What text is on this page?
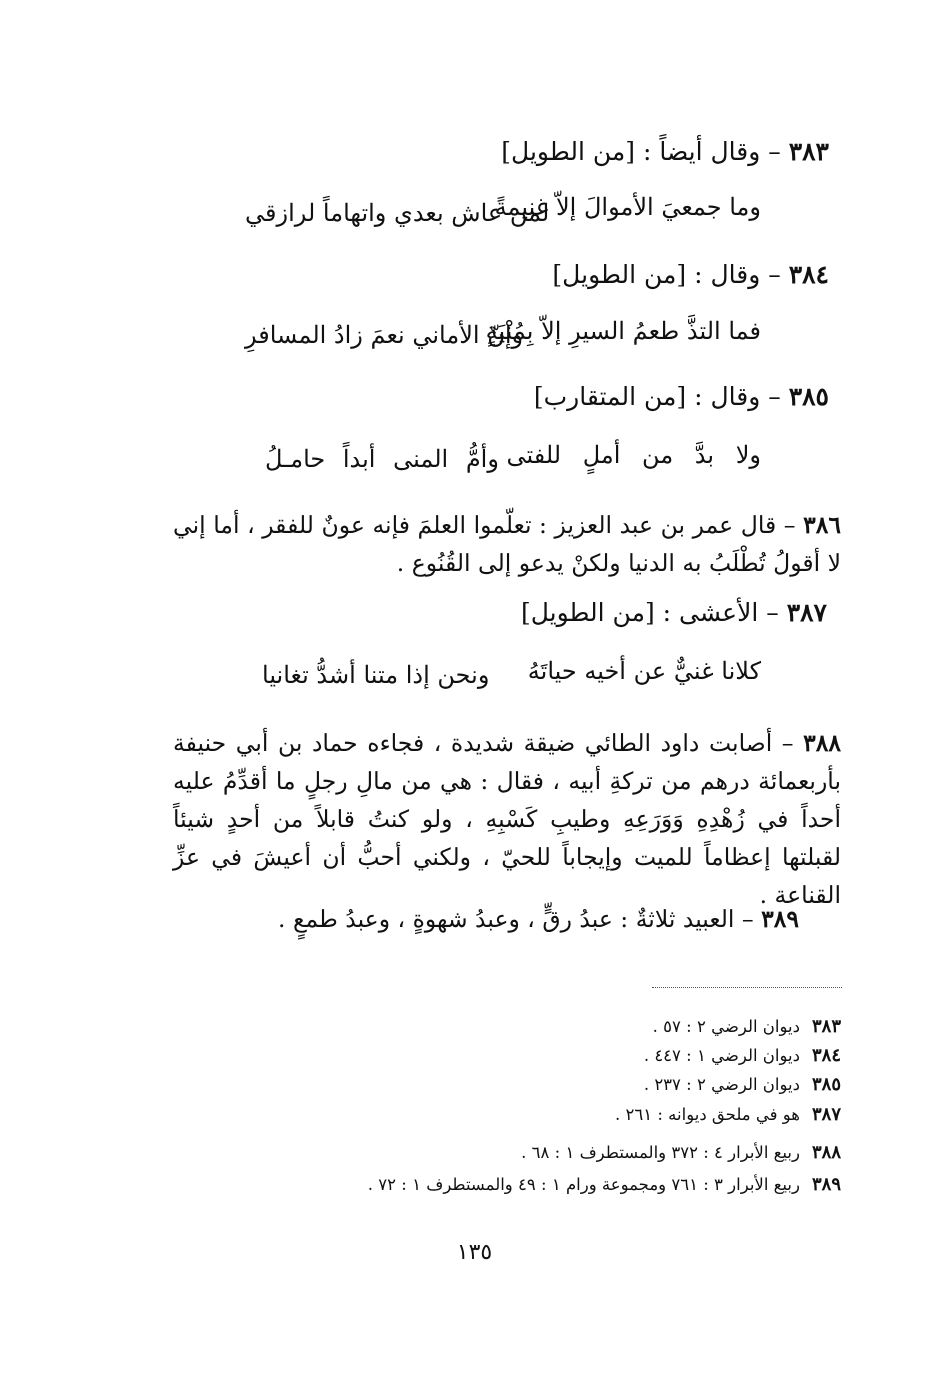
٣٨٣ – وقال أيضاً : [من الطويل]
وما جمعيَ الأموالَ إلاّ غنيمةً
لمن عاش بعدي واتهاماً لرازقي
٣٨٤ – وقال : [من الطويل]
فما التذَّ طعمُ السيرِ إلاّ بِمُنْيَةٍ
وإنّ الأماني نعمَ زادُ المسافرِ
٣٨٥ – وقال : [من المتقارب]
ولا بدَّ من أملٍ للفتى
وأمُّ المنى أبداً حامـلُ
٣٨٦ – قال عمر بن عبد العزيز : تعلّموا العلمَ فإنه عونٌ للفقر ، أما إني لا أقولُ تُطْلَبُ به الدنيا ولكنْ يدعو إلى القُنُوع .
٣٨٧ – الأعشى : [من الطويل]
كلانا غنيٌّ عن أخيه حياتَهُ
ونحن إذا متنا أشدُّ تغانيا
٣٨٨ – أصابت داود الطائي ضيقة شديدة ، فجاءه حماد بن أبي حنيفة بأربعمائة درهم من تركةِ أبيه ، فقال : هي من مالِ رجلٍ ما أقدِّمُ عليه أحداً في زُهْدِهِ وَوَرَعِهِ وطيبِ كَسْبِهِ ، ولو كنتُ قابلاً من أحدٍ شيئاً لقبلتها إعظاماً للميت وإيجاباً للحيّ ، ولكني أحبُّ أن أعيشَ في عزِّ القناعة .
٣٨٩ – العبيد ثلاثةٌ : عبدُ رقٍّ ، وعبدُ شهوةٍ ، وعبدُ طمعٍ .
٣٨٣ديوان الرضي ٢ : ٥٧ .
٣٨٤ديوان الرضي ١ : ٤٤٧ .
٣٨٥ديوان الرضي ٢ : ٢٣٧ .
٣٨٧هو في ملحق ديوانه : ٢٦١ .
٣٨٨ربيع الأبرار ٤ : ٣٧٢ والمستطرف ١ : ٦٨ .
٣٨٩ربيع الأبرار ٣ : ٧٦١ ومجموعة ورام ١ : ٤٩ والمستطرف ١ : ٧٢ .
١٣٥
